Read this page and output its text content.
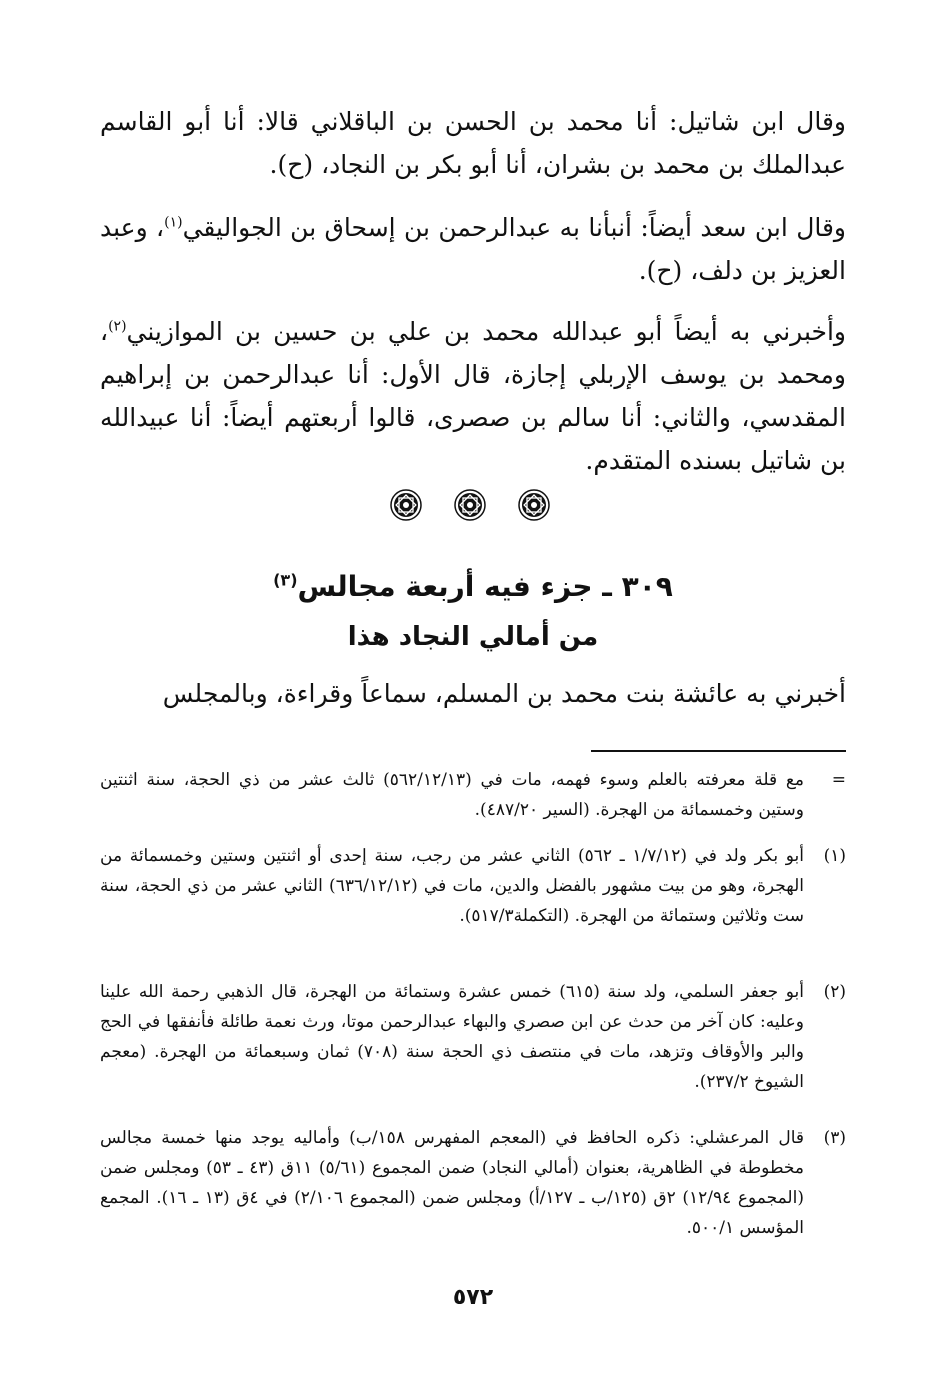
وقال ابن شاتيل: أنا محمد بن الحسن بن الباقلاني قالا: أنا أبو القاسم عبدالملك بن محمد بن بشران، أنا أبو بكر بن النجاد، (ح).

وقال ابن سعد أيضاً: أنبأنا به عبدالرحمن بن إسحاق بن الجواليقي$^{(١)}$، وعبد العزيز بن دلف، (ح).

وأخبرني به أيضاً أبو عبدالله محمد بن علي بن حسين بن الموازيني$^{(٢)}$، ومحمد بن يوسف الإربلي إجازة، قال الأول: أنا عبدالرحمن بن إبراهيم المقدسي، والثاني: أنا سالم بن صصرى، قالوا أربعتهم أيضاً: أنا عبيدالله بن شاتيل بسنده المتقدم.

٣٠٩ ـ جزء فيه أربعة مجالس$^{(٣)}$
من أمالي النجاد هذا

أخبرني به عائشة بنت محمد بن المسلم، سماعاً وقراءة، وبالمجلس

=
مع قلة معرفته بالعلم وسوء فهمه، مات في (٥٦٢/١٢/١٣) ثالث عشر من ذي الحجة، سنة اثنتين وستين وخمسمائة من الهجرة. (السير ٤٨٧/٢٠).
(١)
أبو بكر ولد في (١/٧/١٢ ـ ٥٦٢) الثاني عشر من رجب، سنة إحدى أو اثنتين وستين وخمسمائة من الهجرة، وهو من بيت مشهور بالفضل والدين، مات في (٦٣٦/١٢/١٢) الثاني عشر من ذي الحجة، سنة ست وثلاثين وستمائة من الهجرة. (التكملة٥١٧/٣).
(٢)
أبو جعفر السلمي، ولد سنة (٦١٥) خمس عشرة وستمائة من الهجرة، قال الذهبي رحمة الله علينا وعليه: كان آخر من حدث عن ابن صصري والبهاء عبدالرحمن موتا، ورث نعمة طائلة فأنفقها في الحج والبر والأوقاف وتزهد، مات في منتصف ذي الحجة سنة (٧٠٨) ثمان وسبعمائة من الهجرة. (معجم الشيوخ ٢٣٧/٢).
(٣)
قال المرعشلي: ذكره الحافظ في (المعجم المفهرس ١٥٨/ب) وأماليه يوجد منها خمسة مجالس مخطوطة في الظاهرية، بعنوان (أمالي النجاد) ضمن المجموع (٥/٦١) ١١ق (٤٣ ـ ٥٣) ومجلس ضمن (المجموع ١٢/٩٤) ٢ق (١٢٥/ب ـ ١٢٧/أ) ومجلس ضمن (المجموع ٢/١٠٦) في ٤ق (١٣ ـ ١٦). المجمع المؤسس ٥٠٠/١.
٥٧٢
